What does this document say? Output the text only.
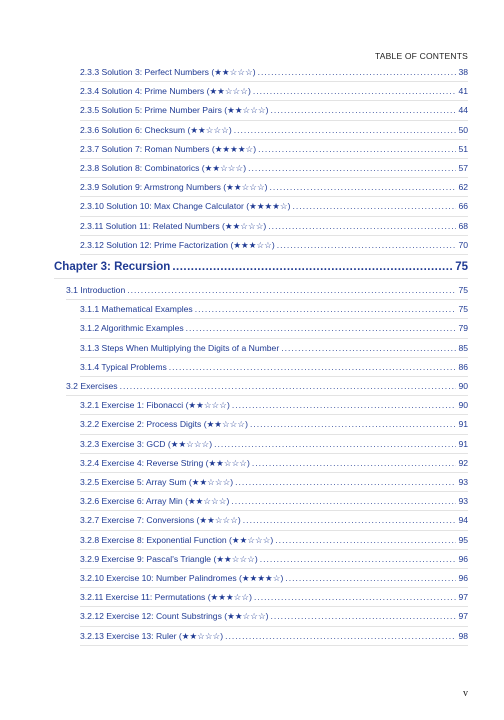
TABLE OF CONTENTS
2.3.3 Solution 3: Perfect Numbers (★★☆☆☆) .....	38
2.3.4 Solution 4: Prime Numbers (★★☆☆☆) .....	41
2.3.5 Solution 5: Prime Number Pairs (★★☆☆☆) .....	44
2.3.6 Solution 6: Checksum (★★☆☆☆) .....	50
2.3.7 Solution 7: Roman Numbers (★★★★☆) .....	51
2.3.8 Solution 8: Combinatorics (★★☆☆☆) .....	57
2.3.9 Solution 9: Armstrong Numbers (★★☆☆☆) .....	62
2.3.10 Solution 10: Max Change Calculator (★★★★☆) .....	66
2.3.11 Solution 11: Related Numbers (★★☆☆☆) .....	68
2.3.12 Solution 12: Prime Factorization (★★★☆☆) .....	70
Chapter 3: Recursion .....	75
3.1 Introduction .....	75
3.1.1 Mathematical Examples .....	75
3.1.2 Algorithmic Examples .....	79
3.1.3 Steps When Multiplying the Digits of a Number .....	85
3.1.4 Typical Problems .....	86
3.2 Exercises .....	90
3.2.1 Exercise 1: Fibonacci (★★☆☆☆) .....	90
3.2.2 Exercise 2: Process Digits (★★☆☆☆) .....	91
3.2.3 Exercise 3: GCD (★★☆☆☆) .....	91
3.2.4 Exercise 4: Reverse String (★★☆☆☆) .....	92
3.2.5 Exercise 5: Array Sum (★★☆☆☆) .....	93
3.2.6 Exercise 6: Array Min (★★☆☆☆) .....	93
3.2.7 Exercise 7: Conversions (★★☆☆☆) .....	94
3.2.8 Exercise 8: Exponential Function (★★☆☆☆) .....	95
3.2.9 Exercise 9: Pascal's Triangle (★★☆☆☆) .....	96
3.2.10 Exercise 10: Number Palindromes (★★★★☆) .....	96
3.2.11 Exercise 11: Permutations (★★★☆☆) .....	97
3.2.12 Exercise 12: Count Substrings (★★☆☆☆) .....	97
3.2.13 Exercise 13: Ruler (★★☆☆☆) .....	98
v
